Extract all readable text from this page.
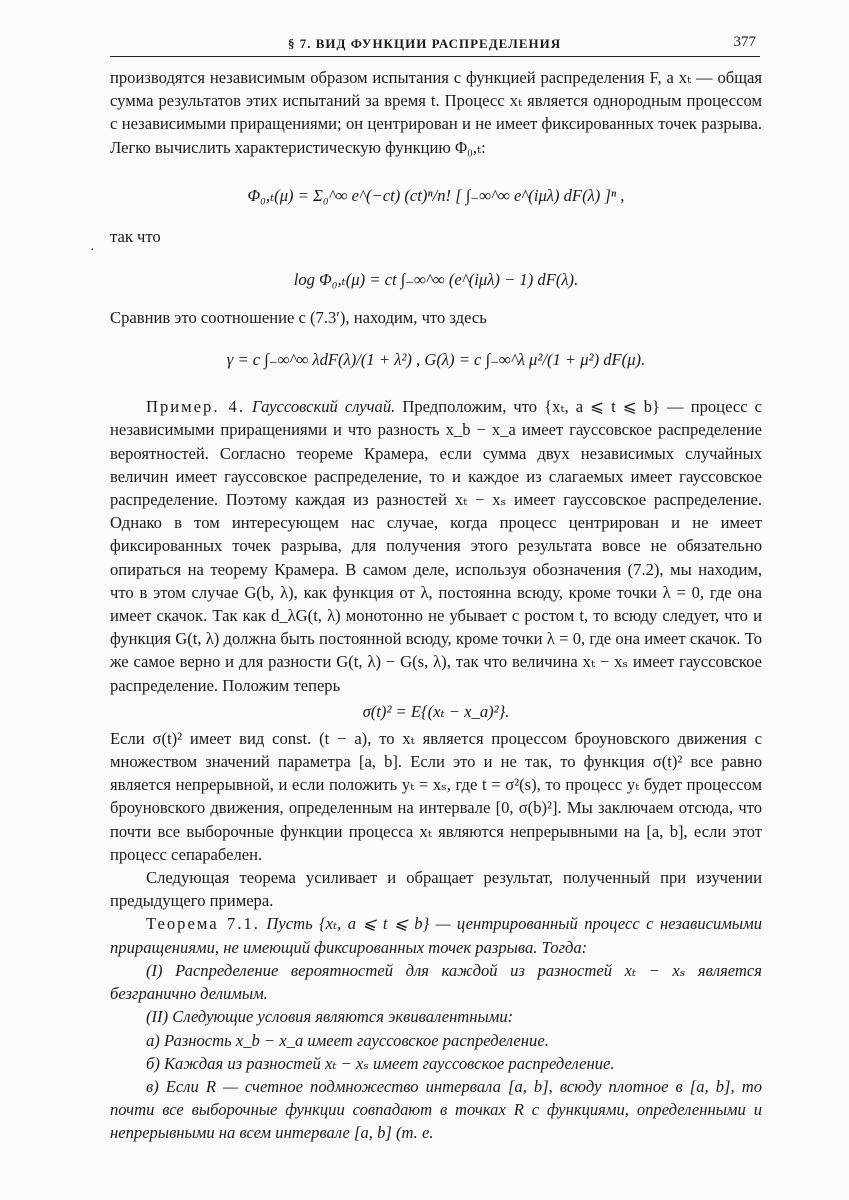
§ 7. ВИД ФУНКЦИИ РАСПРЕДЕЛЕНИЯ	377
·

производятся независимым образом испытания с функцией распределения F, а xₜ — общая сумма результатов этих испытаний за время t. Процесс xₜ является однородным процессом с независимыми приращениями; он центрирован и не имеет фиксированных точек разрыва. Легко вычислить характеристическую функцию Φ₀,ₜ:

Φ₀,ₜ(μ) = Σ₀^∞ e^(−ct) (ct)ⁿ/n! [ ∫₋∞^∞ e^(iμλ) dF(λ) ]ⁿ ,

так что

log Φ₀,ₜ(μ) = ct ∫₋∞^∞ (e^(iμλ) − 1) dF(λ).

Сравнив это соотношение с (7.3′), находим, что здесь

γ = c ∫₋∞^∞ λdF(λ)/(1 + λ²) , G(λ) = c ∫₋∞^λ μ²/(1 + μ²) dF(μ).

Пример. 4. Гауссовский случай. Предположим, что {xₜ, a ⩽ t ⩽ b} — процесс с независимыми приращениями и что разность x_b − x_a имеет гауссовское распределение вероятностей. Согласно теореме Крамера, если сумма двух независимых случайных величин имеет гауссовское распределение, то и каждое из слагаемых имеет гауссовское распределение. Поэтому каждая из разностей xₜ − xₛ имеет гауссовское распределение. Однако в том интересующем нас случае, когда процесс центрирован и не имеет фиксированных точек разрыва, для получения этого результата вовсе не обязательно опираться на теорему Крамера. В самом деле, используя обозначения (7.2), мы находим, что в этом случае G(b, λ), как функция от λ, постоянна всюду, кроме точки λ = 0, где она имеет скачок. Так как d_λG(t, λ) монотонно не убывает с ростом t, то всюду следует, что и функция G(t, λ) должна быть постоянной всюду, кроме точки λ = 0, где она имеет скачок. То же самое верно и для разности G(t, λ) − G(s, λ), так что величина xₜ − xₛ имеет гауссовское распределение. Положим теперь

σ(t)² = E{(xₜ − x_a)²}.

Если σ(t)² имеет вид const. (t − a), то xₜ является процессом броуновского движения с множеством значений параметра [a, b]. Если это и не так, то функция σ(t)² все равно является непрерывной, и если положить yₜ = xₛ, где t = σ²(s), то процесс yₜ будет процессом броуновского движения, определенным на интервале [0, σ(b)²]. Мы заключаем отсюда, что почти все выборочные функции процесса xₜ являются непрерывными на [a, b], если этот процесс сепарабелен.

Следующая теорема усиливает и обращает результат, полученный при изучении предыдущего примера.

Теорема 7.1. Пусть {xₜ, a ⩽ t ⩽ b} — центрированный процесс с независимыми приращениями, не имеющий фиксированных точек разрыва. Тогда:

(I) Распределение вероятностей для каждой из разностей xₜ − xₛ является безгранично делимым.

(II) Следующие условия являются эквивалентными:

а) Разность x_b − x_a имеет гауссовское распределение.

б) Каждая из разностей xₜ − xₛ имеет гауссовское распределение.

в) Если R — счетное подмножество интервала [a, b], всюду плотное в [a, b], то почти все выборочные функции совпадают в точках R с функциями, определенными и непрерывными на всем интервале [a, b] (т. е.
